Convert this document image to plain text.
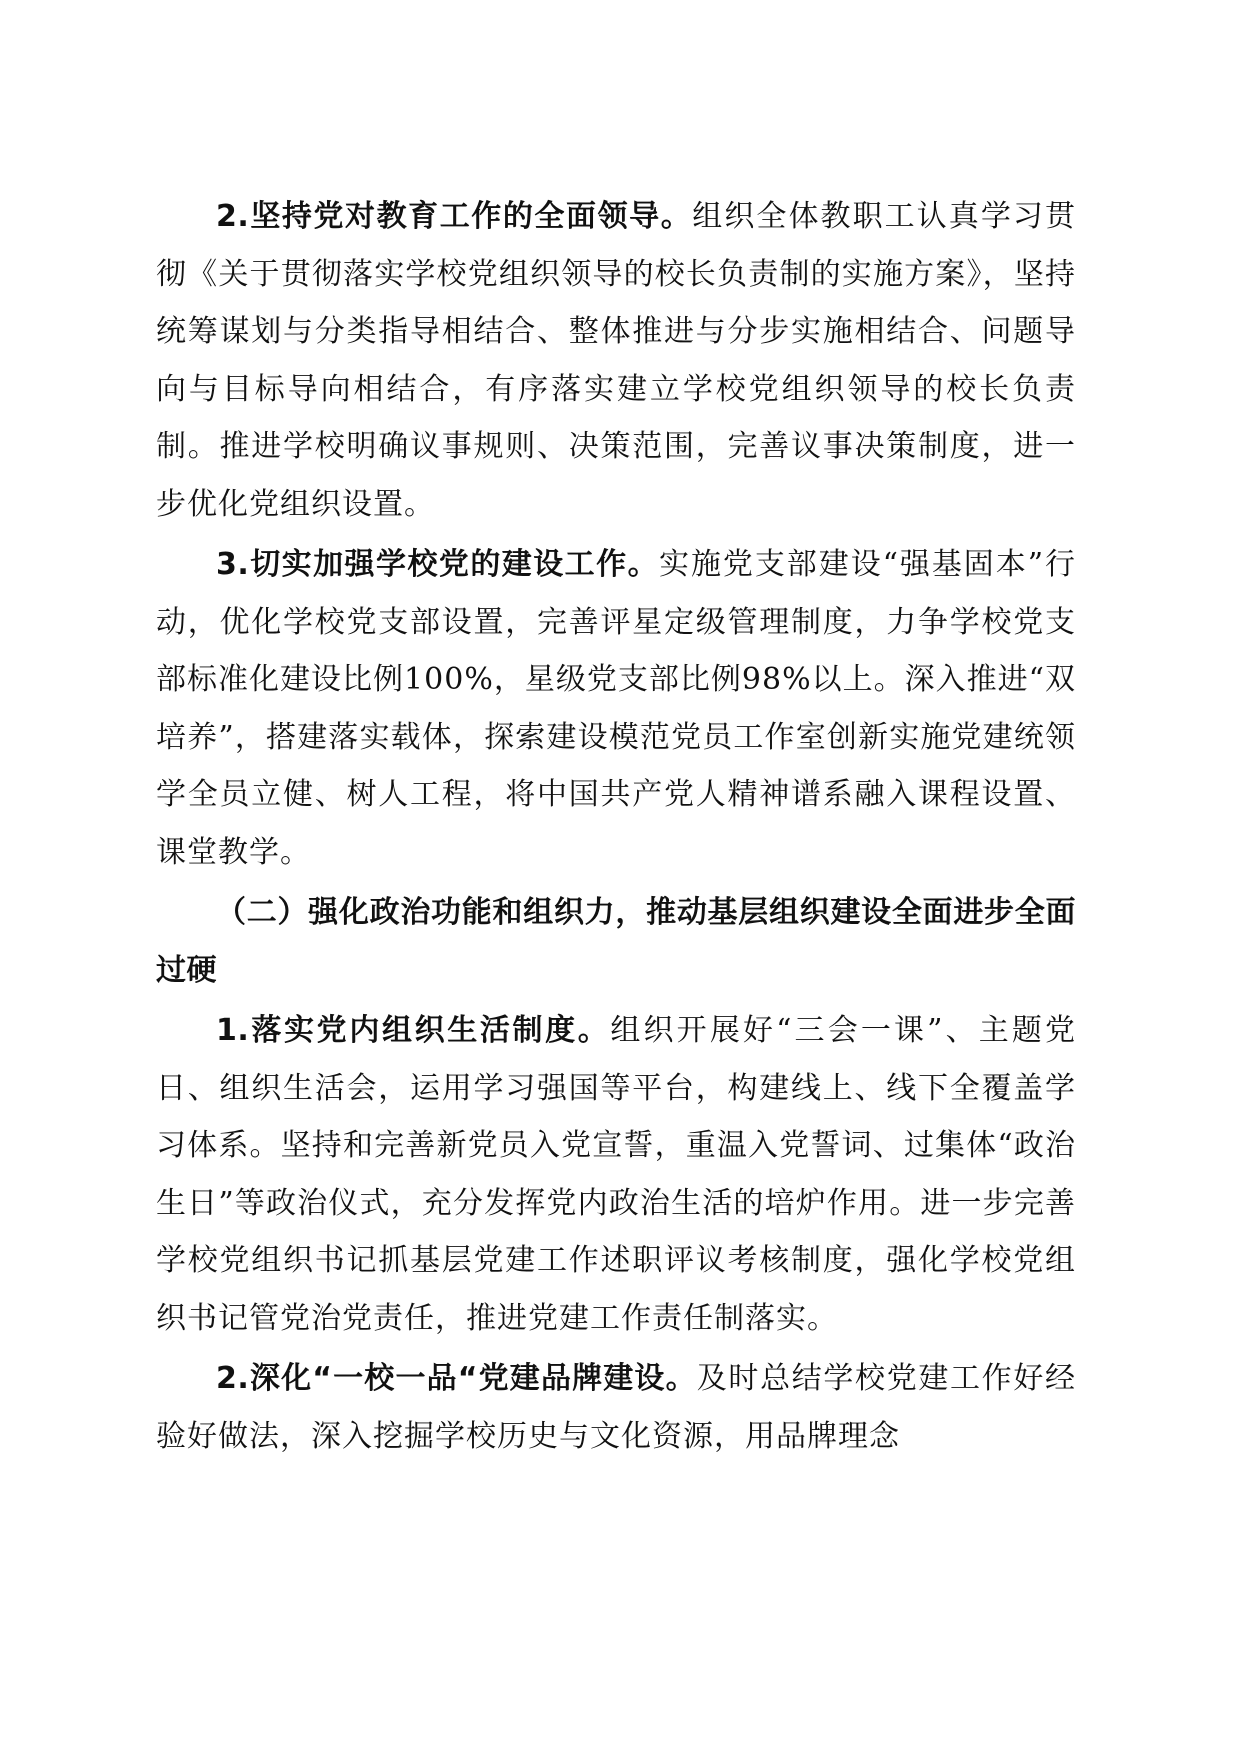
2.坚持党对教育工作的全面领导。组织全体教职工认真学习贯彻《关于贯彻落实学校党组织领导的校长负责制的实施方案》，坚持统筹谋划与分类指导相结合、整体推进与分步实施相结合、问题导向与目标导向相结合，有序落实建立学校党组织领导的校长负责制。推进学校明确议事规则、决策范围，完善议事决策制度，进一步优化党组织设置。

3.切实加强学校党的建设工作。实施党支部建设“强基固本”行动，优化学校党支部设置，完善评星定级管理制度，力争学校党支部标准化建设比例100%，星级党支部比例98%以上。深入推进“双培养”，搭建落实载体，探索建设模范党员工作室创新实施党建统领学全员立健、树人工程，将中国共产党人精神谱系融入课程设置、课堂教学。

（二）强化政治功能和组织力，推动基层组织建设全面进步全面过硬

1.落实党内组织生活制度。组织开展好“三会一课”、主题党日、组织生活会，运用学习强国等平台，构建线上、线下全覆盖学习体系。坚持和完善新党员入党宣誓，重温入党誓词、过集体“政治生日”等政治仪式，充分发挥党内政治生活的培炉作用。进一步完善学校党组织书记抓基层党建工作述职评议考核制度，强化学校党组织书记管党治党责任，推进党建工作责任制落实。

2.深化“一校一品“党建品牌建设。及时总结学校党建工作好经验好做法，深入挖掘学校历史与文化资源，用品牌理念
